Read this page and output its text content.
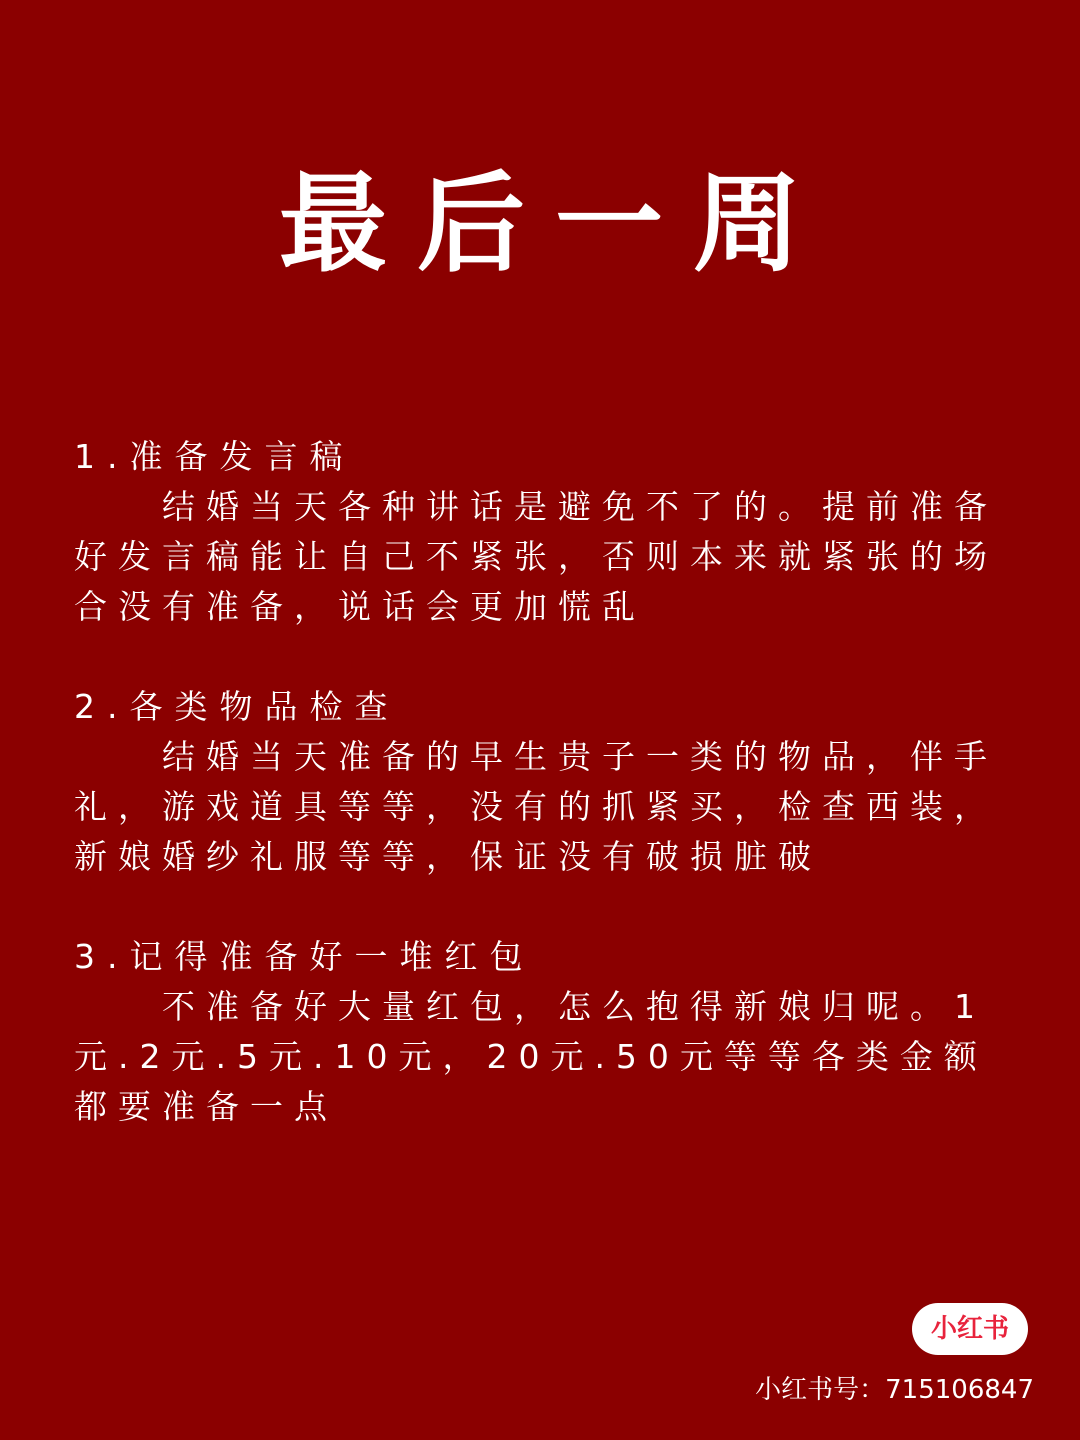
最后一周

1.准备发言稿

结婚当天各种讲话是避免不了的。提前准备好发言稿能让自己不紧张，否则本来就紧张的场合没有准备，说话会更加慌乱

2.各类物品检查

结婚当天准备的早生贵子一类的物品，伴手礼，游戏道具等等，没有的抓紧买，检查西装，新娘婚纱礼服等等，保证没有破损脏破

3.记得准备好一堆红包

不准备好大量红包，怎么抱得新娘归呢。1元.2元.5元.10元，20元.50元等等各类金额都要准备一点

小红书
小红书号：715106847
